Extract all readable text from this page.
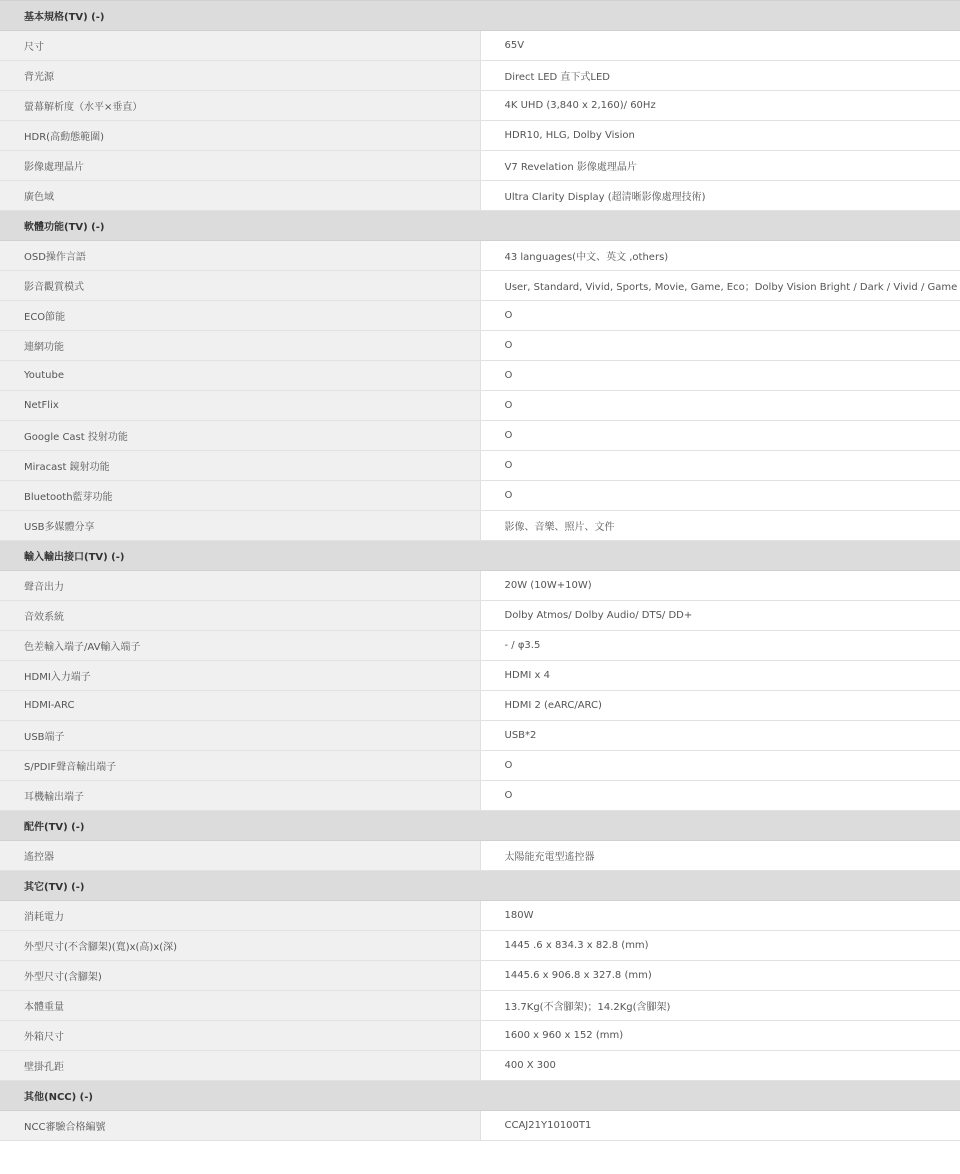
基本規格(TV) (-)	
尺寸	65V
背光源	Direct LED 直下式LED
螢幕解析度（水平×垂直）	4K UHD (3,840 x 2,160)/ 60Hz
HDR(高動態範圍)	HDR10, HLG, Dolby Vision
影像處理晶片	V7 Revelation 影像處理晶片
廣色域	Ultra Clarity Display (超清晰影像處理技術)
軟體功能(TV) (-)	
OSD操作言語	43 languages(中文、英文 ,others)
影音觀賞模式	User, Standard, Vivid, Sports, Movie, Game, Eco；Dolby Vision Bright / Dark / Vivid / Game
ECO節能	O
連網功能	O
Youtube	O
NetFlix	O
Google Cast 投射功能	O
Miracast 鏡射功能	O
Bluetooth藍芽功能	O
USB多媒體分享	影像、音樂、照片、文件
輸入輸出接口(TV) (-)	
聲音出力	20W (10W+10W)
音效系統	Dolby Atmos/ Dolby Audio/ DTS/ DD+
色差輸入端子/AV輸入端子	- / φ3.5
HDMI入力端子	HDMI x 4
HDMI-ARC	HDMI 2 (eARC/ARC)
USB端子	USB*2
S/PDIF聲音輸出端子	O
耳機輸出端子	O
配件(TV) (-)	
遙控器	太陽能充電型遙控器
其它(TV) (-)	
消耗電力	180W
外型尺寸(不含腳架)(寬)x(高)x(深)	1445 .6 x 834.3 x 82.8 (mm)
外型尺寸(含腳架)	1445.6 x 906.8 x 327.8 (mm)
本體重量	13.7Kg(不含腳架)；14.2Kg(含腳架)
外箱尺寸	1600 x 960 x 152 (mm)
壁掛孔距	400 X 300
其他(NCC) (-)	
NCC審驗合格編號	CCAJ21Y10100T1
